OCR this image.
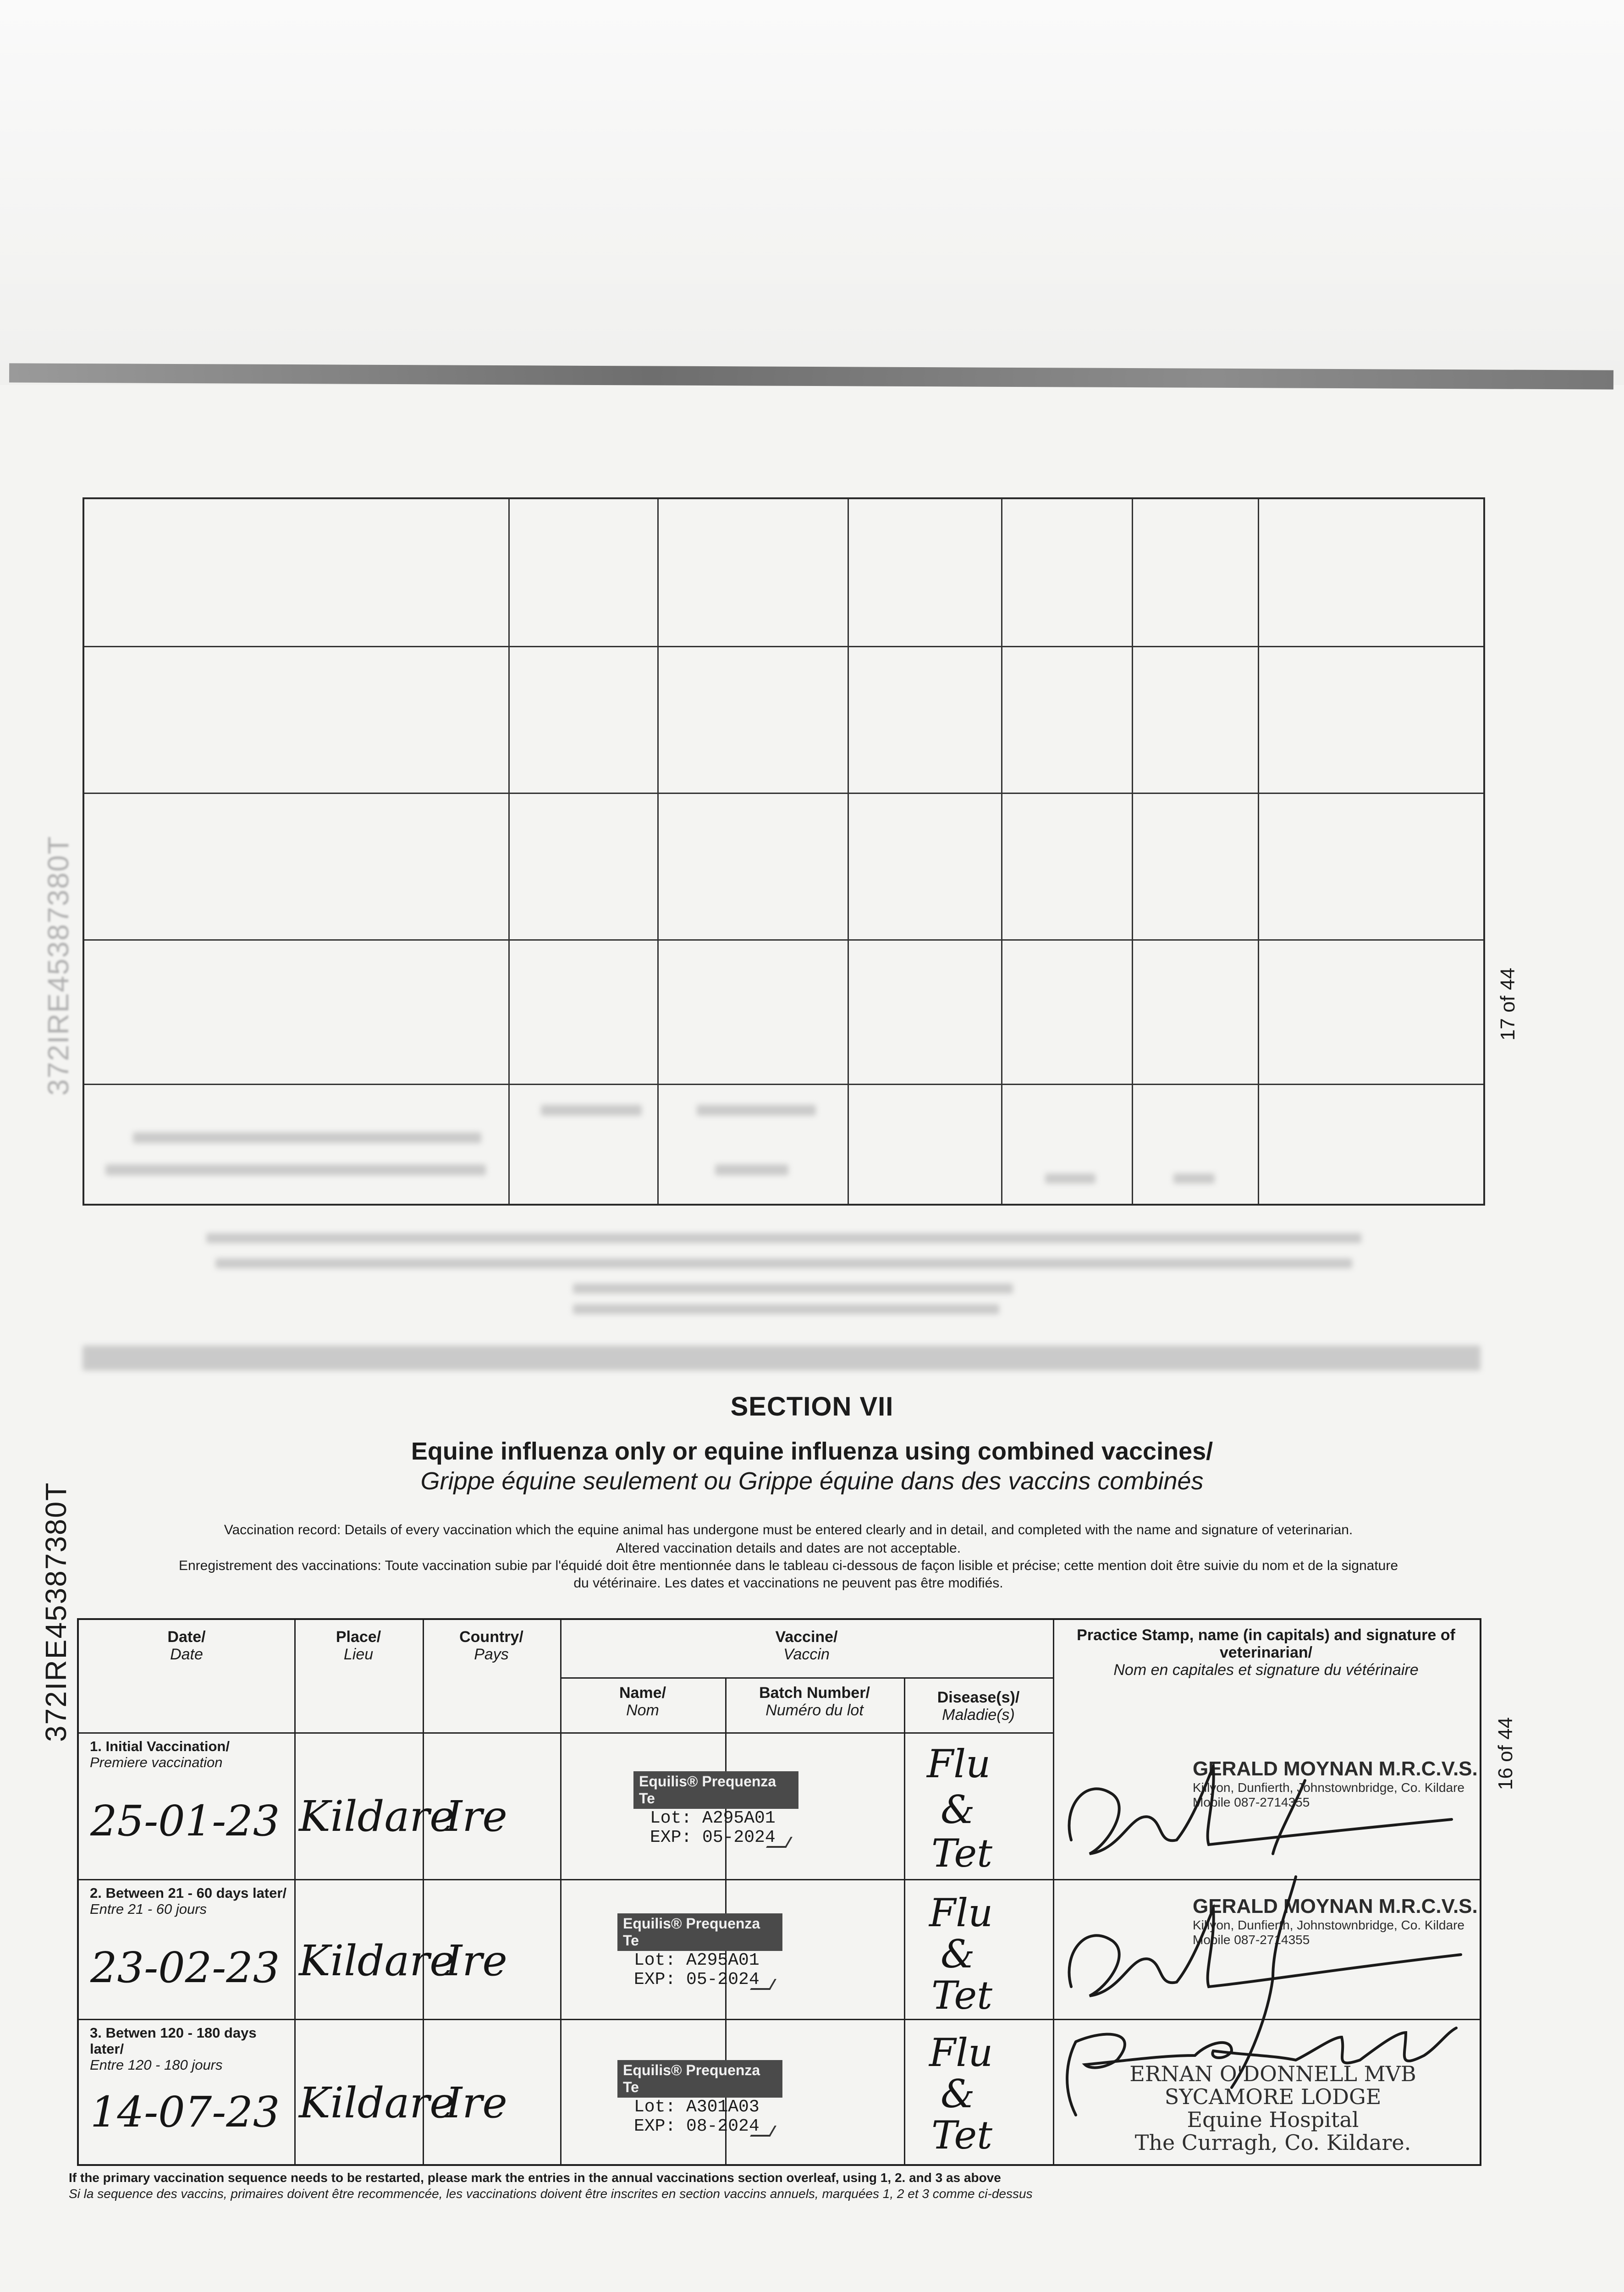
372IRE45387380T	17 of 44
SECTION VII
Equine influenza only or equine influenza using combined vaccines/
Grippe équine seulement ou Grippe équine dans des vaccins combinés
Vaccination record: Details of every vaccination which the equine animal has undergone must be entered clearly and in detail, and completed with the name and signature of veterinarian.
Altered vaccination details and dates are not acceptable.
Enregistrement des vaccinations: Toute vaccination subie par l'équidé doit être mentionnée dans le tableau ci-dessous de façon lisible et précise; cette mention doit être suivie du nom et de la signature
du vétérinaire. Les dates et vaccinations ne peuvent pas être modifiés.
372IRE45387380T
16 of 44
Date/
Date
Place/
Lieu
Country/
Pays
Vaccine/
Vaccin
Name/
Nom
Batch Number/
Numéro du lot
Disease(s)/
Maladie(s)
Practice Stamp, name (in capitals) and signature of veterinarian/
Nom en capitales et signature du vétérinaire
1. Initial Vaccination/
Premiere vaccination
25-01-23 Kildare
Ire
Equilis® Prequenza Te
Lot: A295A01
EXP: 05-2024
Flu
&
Tet
GERALD MOYNAN M.R.C.V.S.
Killyon, Dunfierth, Johnstownbridge, Co. Kildare
Mobile 087-2714355
2. Between 21 - 60 days later/
Entre 21 - 60 jours
23-02-23 Kildare
Ire
Equilis® Prequenza Te
Lot: A295A01
EXP: 05-2024
Flu
&
Tet
GERALD MOYNAN M.R.C.V.S.
Killyon, Dunfierth, Johnstownbridge, Co. Kildare
Mobile 087-2714355
3. Betwen 120 - 180 days later/
Entre 120 - 180 jours
14-07-23 Kildare
Ire
Equilis® Prequenza Te
Lot: A301A03
EXP: 08-2024
Flu
&
Tet
ERNAN O'DONNELL MVB
SYCAMORE LODGE
Equine Hospital
The Curragh, Co. Kildare.
If the primary vaccination sequence needs to be restarted, please mark the entries in the annual vaccinations section overleaf, using 1, 2. and 3 as above
Si la sequence des vaccins, primaires doivent être recommencée, les vaccinations doivent être inscrites en section vaccins annuels, marquées 1, 2 et 3 comme ci-dessus
